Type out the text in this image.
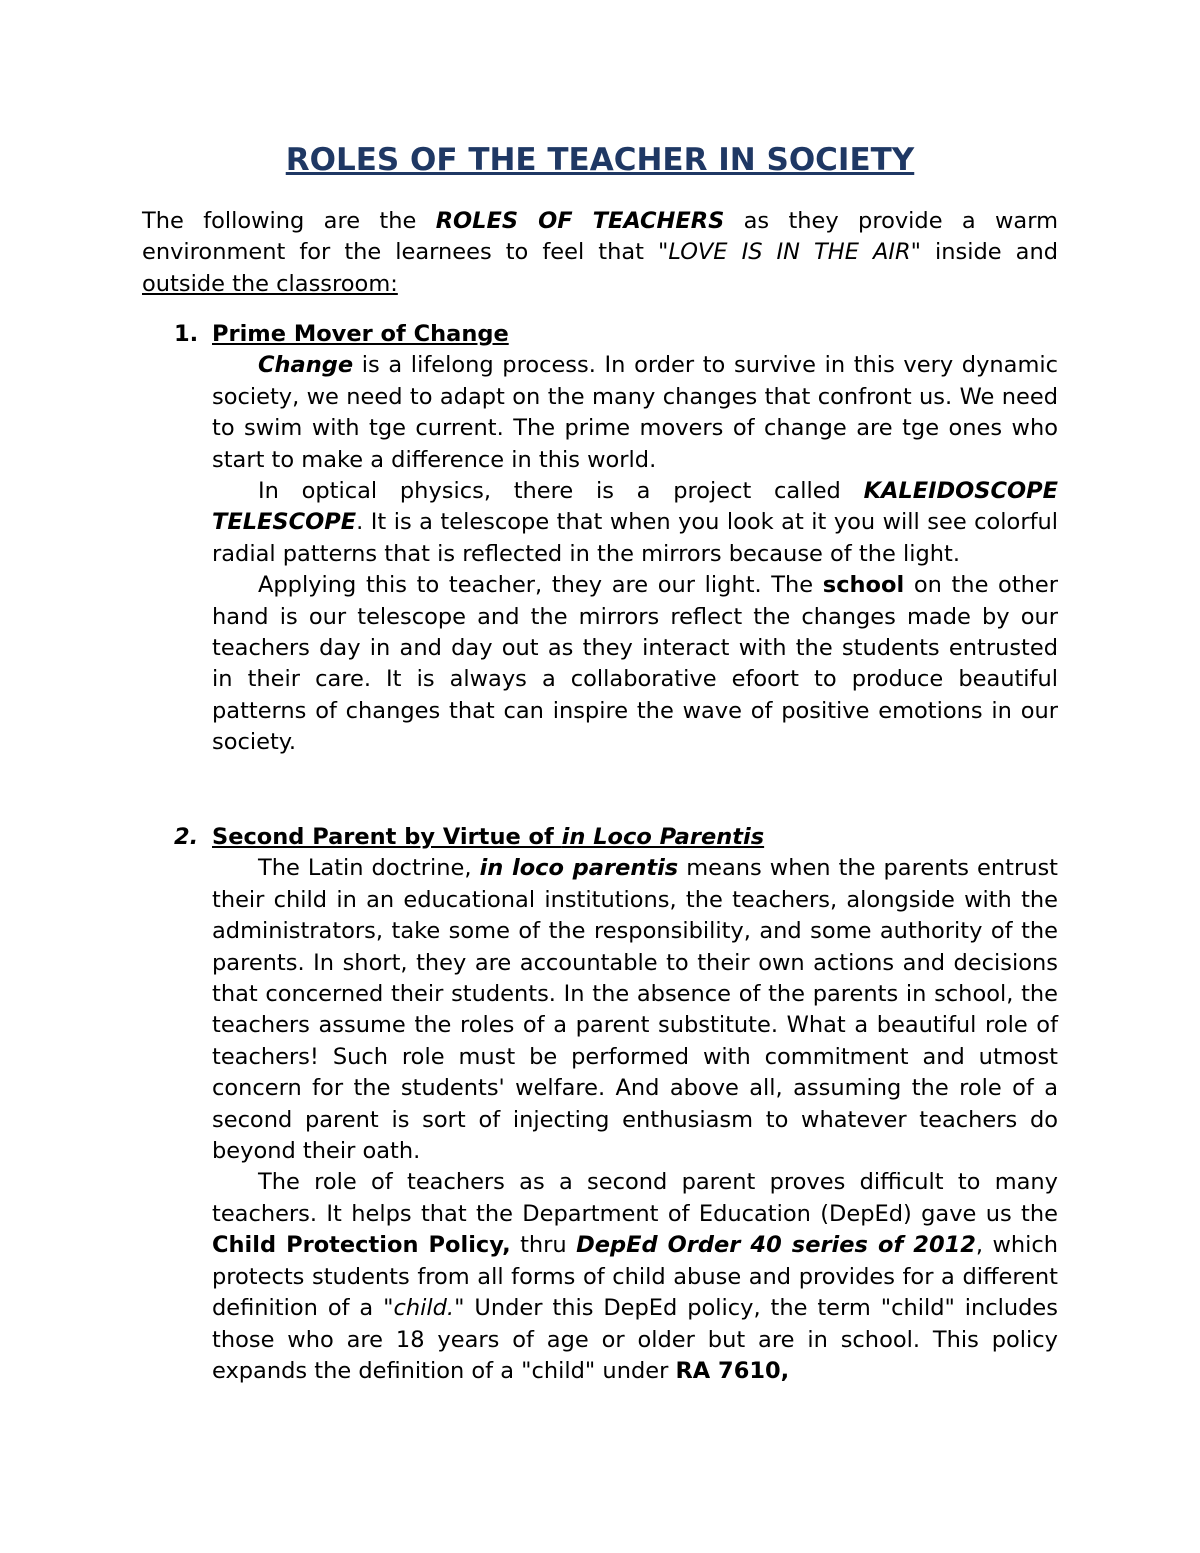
ROLES OF THE TEACHER IN SOCIETY

The following are the ROLES OF TEACHERS as they provide a warm environment for the learnees to feel that "LOVE IS IN THE AIR" inside and outside the classroom:

1. Prime Mover of Change

Change is a lifelong process. In order to survive in this very dynamic society, we need to adapt on the many changes that confront us. We need to swim with tge current. The prime movers of change are tge ones who start to make a difference in this world.

In optical physics, there is a project called KALEIDOSCOPE TELESCOPE. It is a telescope that when you look at it you will see colorful radial patterns that is reflected in the mirrors because of the light.

Applying this to teacher, they are our light. The school on the other hand is our telescope and the mirrors reflect the changes made by our teachers day in and day out as they interact with the students entrusted in their care. It is always a collaborative efoort to produce beautiful patterns of changes that can inspire the wave of positive emotions in our society.

2. Second Parent by Virtue of in Loco Parentis

The Latin doctrine, in loco parentis means when the parents entrust their child in an educational institutions, the teachers, alongside with the administrators, take some of the responsibility, and some authority of the parents. In short, they are accountable to their own actions and decisions that concerned their students. In the absence of the parents in school, the teachers assume the roles of a parent substitute. What a beautiful role of teachers! Such role must be performed with commitment and utmost concern for the students' welfare. And above all, assuming the role of a second parent is sort of injecting enthusiasm to whatever teachers do beyond their oath.

The role of teachers as a second parent proves difficult to many teachers. It helps that the Department of Education (DepEd) gave us the Child Protection Policy, thru DepEd Order 40 series of 2012, which protects students from all forms of child abuse and provides for a different definition of a "child." Under this DepEd policy, the term "child" includes those who are 18 years of age or older but are in school. This policy expands the definition of a "child" under RA 7610,
